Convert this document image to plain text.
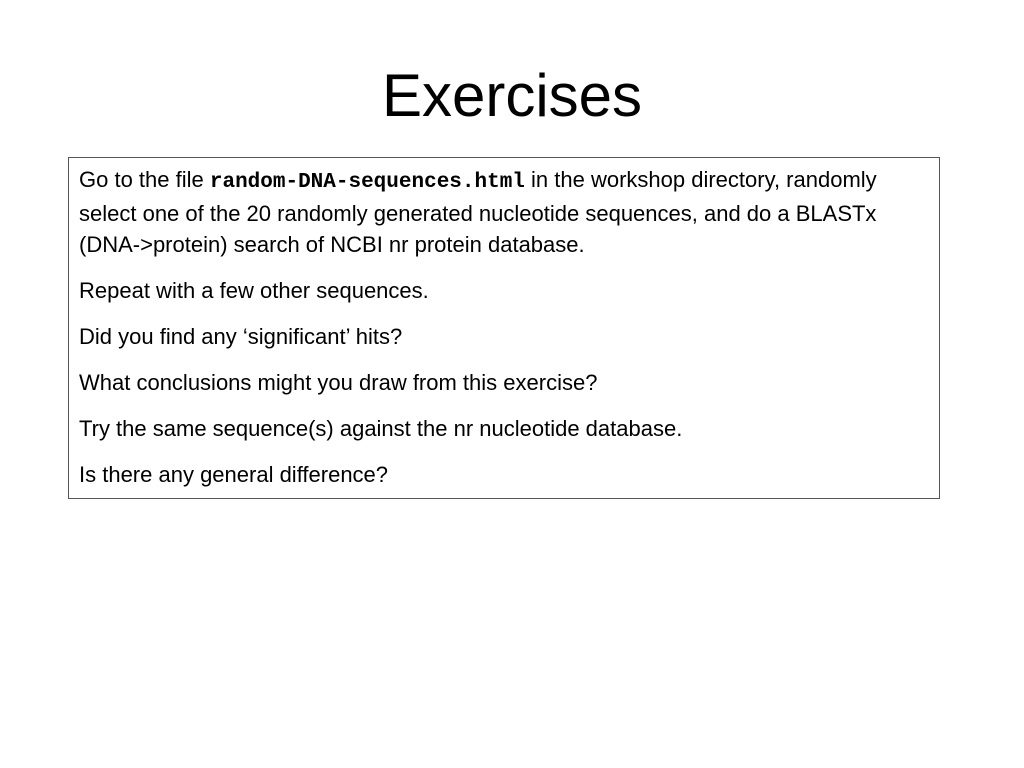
Exercises

Go to the file random-DNA-sequences.html in the workshop directory, randomly select one of the 20 randomly generated nucleotide sequences, and do a BLASTx (DNA->protein) search of NCBI nr protein database.

Repeat with a few other sequences.

Did you find any ‘significant’ hits?

What conclusions might you draw from this exercise?

Try the same sequence(s) against the nr nucleotide database.

Is there any general difference?
